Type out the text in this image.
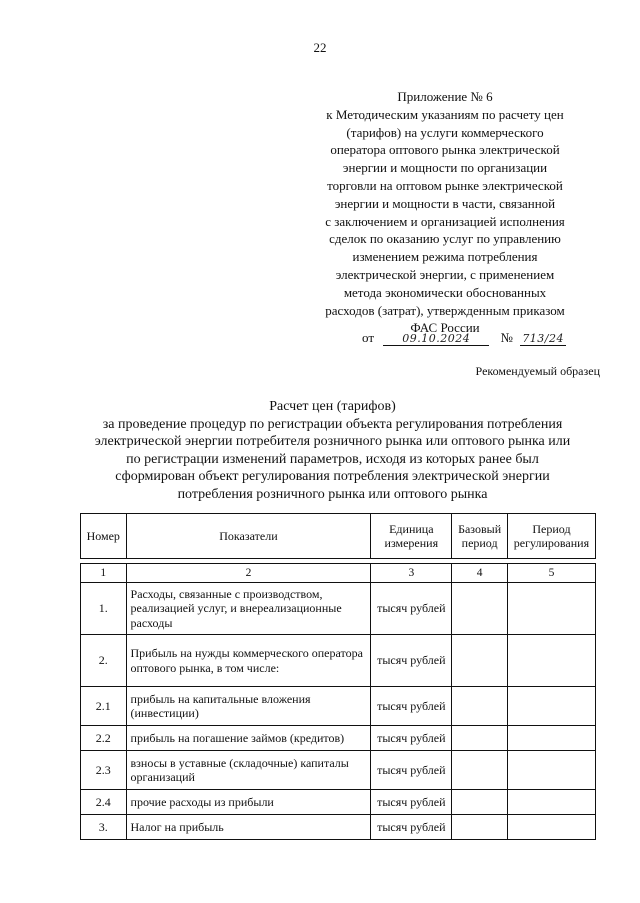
22
Приложение № 6
к Методическим указаниям по расчету цен
(тарифов) на услуги коммерческого
оператора оптового рынка электрической
энергии и мощности по организации
торговли на оптовом рынке электрической
энергии и мощности в части, связанной
с заключением и организацией исполнения
сделок по оказанию услуг по управлению
изменением режима потребления
электрической энергии, с применением
метода экономически обоснованных
расходов (затрат), утвержденным приказом
ФАС России
от	09.10.2024 № 713/24
Рекомендуемый образец
Расчет цен (тарифов)
за проведение процедур по регистрации объекта регулирования потребления
электрической энергии потребителя розничного рынка или оптового рынка или
по регистрации изменений параметров, исходя из которых ранее был
сформирован объект регулирования потребления электрической энергии
потребления розничного рынка или оптового рынка
Номер	Показатели	Единица измерения	Базовый период	Период регулирования

1	2	3	4	5
1.	Расходы, связанные с производством, реализацией услуг, и внереализационные расходы	тысяч рублей		
2.	Прибыль на нужды коммерческого оператора оптового рынка, в том числе:	тысяч рублей		
2.1	прибыль на капитальные вложения (инвестиции)	тысяч рублей		
2.2	прибыль на погашение займов (кредитов)	тысяч рублей		
2.3	взносы в уставные (складочные) капиталы организаций	тысяч рублей		
2.4	прочие расходы из прибыли	тысяч рублей		
3.	Налог на прибыль	тысяч рублей		
